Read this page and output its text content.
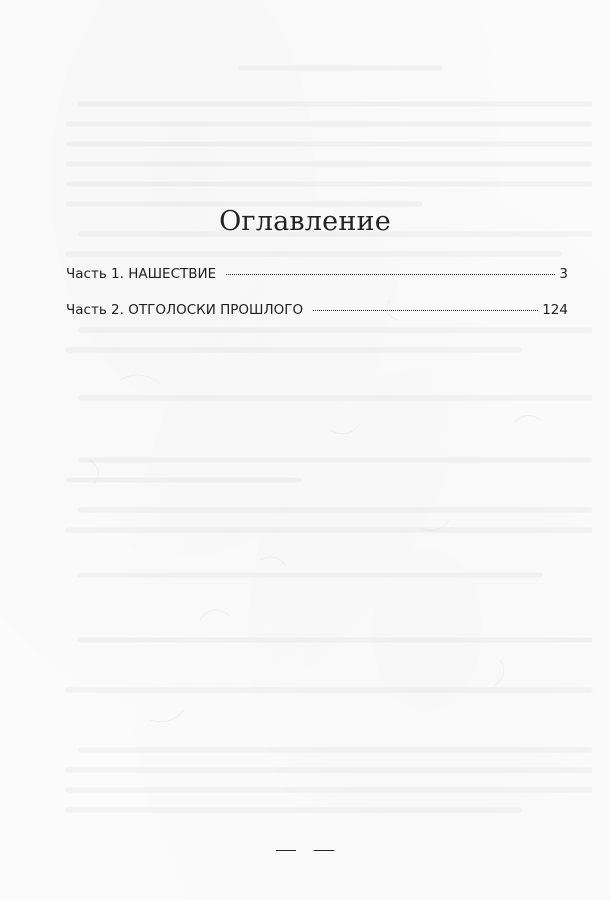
Оглавление
Часть 1. НАШЕСТВИЕ	3
Часть 2. ОТГОЛОСКИ ПРОШЛОГО	124
